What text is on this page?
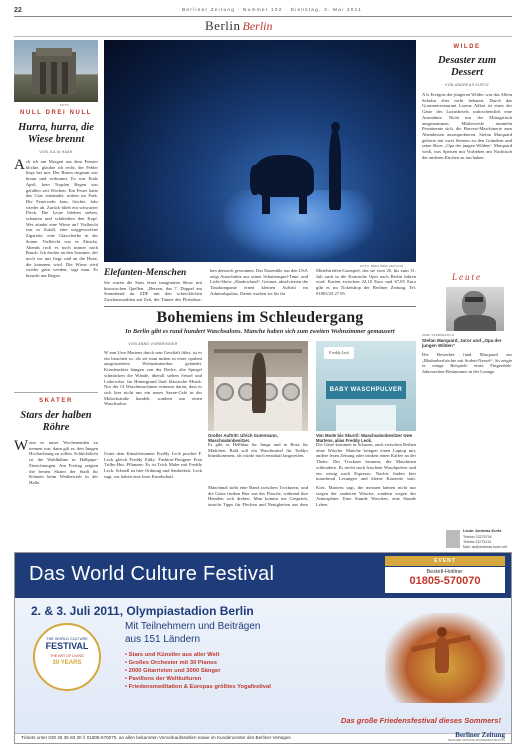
22	Berliner Zeitung · Nummer 102 · Dienstag, 3. Mai 2011
Berlin Berlin
FOTO
NULL DREI NULL
Hurra, hurra, die Wiese brennt
VON JULIA HAAK
A ch ich am Morgen aus dem Fenster blickte, glaubte ich recht, der Fehler liege bei mir. Der Rasen ringsum war braun und verbrannt. Es war Ende April, kein Tropfen Regen war gefallen seit Wochen. Ein Feuer hatte das Gras entzündet, mitten im Park. Die Feuerwehr kam, löschte, fuhr wieder ab. Zurück blieb ein schwarzer Fleck. Die Leute blieben stehen, schauten und schüttelten den Kopf. Wer zündet eine Wiese an? Vielleicht war es Zufall, eine weggeworfene Zigarette, eine Glasscherbe in der Sonne. Vielleicht war es Absicht. Abends roch es noch immer nach Rauch. Ich dachte an den Sommer, der noch vor uns liegt, und an die Hitze, die kommen wird. Die Wiese wird wieder grün werden, sagt man. Es braucht nur Regen.
SKATER
Stars der halben Röhre
W enn es unser Wochenenden zu nennen war, dann gilt es, den Jungen Hochachtung zu zollen. Schlechtlicht ist die Waldbühne in Halbpipe-Einrichtungen. Am Freitag zeigten die besten Skater der Stadt ihr Können beim Wettbewerb in der Halle.
FOTO: BERLINER ZEITUNG
Elefanten-Menschen
Sie waren die Stars einer imaginären Show mit historischen Quellen. „Herzen, das 7. Doppel am Sonnabend im ZDF mit den schrecklichen Zuschauerzahlen auf Zeit, der Tänzer des Flisbobus-
ben dennoch gewonnen. Das Ensemble aus den USA zeigt Ausschnitte aus seiner Schattenspiel-Tanz- und Licht-Show „Shadowland“. Getanzt, absolvierten die Tanzkompanie einen kleinen Auftritt im Admiralspalast. Damit warben sie für ihr
Mittelstreifen-Gastspiel, das sie vom 20. bis zum 31. Juli auch in die Komische Oper nach Berlin führen wird. Karten zwischen 22,10 Euro und 67,85 Euro gibt es im Ticketshop der Berliner Zeitung, Tel. 01805/23 27 85.
WILDE
Desaster zum Dessert
VON ANDREAS KURTZ
A ls Ereignis der jüngeren Wildec war das Allein Saludur eher nicht bekannt. Durch das Gourmetrestaurant Lorenz Adlon ist eines der Gäste des Luxushotels wahrscheinlich eine Ausnahme. Nicht nur der Mittagstisch ausgenommen. Mittlerweile tummeln Prominente sich, die Harvest-Maschinerie zum Abendessen auszuprobieren. Stefan Marquard gehörte mit zwei Sternen zu den Gründern und seine Show „Opa der jungen Wilden“. Marquard weiß, was Speisen mit Vorlieben am Nachtisch der anderen Küchen zu tun haben.
Leute
ZWEI STERNEKOCH
Stefan Marquard, Juror und „Opa der jungen Wilden“
Die Bewerber fand Marquard zur „Rhabarberfrüchte mit Sorbet-Nessel“. So zeigte er einige Beispiele eines Fingerdreh-Jahreszeiten-Restaurants in der Lounge.
Leute: Andreas Kurtz
Telefon 23275794
Telefax 23275114
Mail: ak@andreas-kurtz.net
Bohemiens im Schleudergang
In Berlin gibt es rund hundert Waschsalons. Manche haben sich zum zweiten Wohnzimmer gemausert
VON ANNE VORBRINGER
W enn Uwe Martens durch sein Geschäft führt, ist es ein bisschen so, als sei man mitten in einer opulent ausgestatteten Wohnzimmerbar gelandet. Kronleuchter hängen von der Decke, alte Spiegel schmücken die Wände, überall stehen Sessel und Ledersofas. Im Hintergrund läuft klassische Musik. Nur die 14 Waschmaschinen erinnern daran, dass es sich hier nicht um ein neues Szene-Café in der Mulackstraße handelt, sondern um einen Waschsalon.
Unter dem Künstlernamen Freddy Leck prochet F. Leck gleich Freddy Eddy: Fashion-Designer Frau Trilby-Hut. Pflanzen: Es ist Trick Maler mit Freddy Leck. Schnell ist hier Ordnung und Sauberkeit. Leck sagt, wir haben eine feste Kundschaft.
Großer Auftritt: Ulrich Gutermann, Waschsalonbesitzer.
Er gibt es Hellblau für Jungs und in Rosa für Mädchen. Bald soll ein Waschmittel für Teddys hinzukommen, als würde mich ernsthaft langweilen.
Freddy Leck
BABY WASCHPULVER
Von Mode bis Skurril: Waschsalonbesitzer Uwe Martens, alias Freddy Leck.
Die Gäste kommen in Scharen, auch zwischen Reihen ohne Wäsche. Manche bringen einen Laptop mit, andere lesen Zeitung oder trinken einen Kaffee an der Theke. Der Trockner brummt, die Maschinen schleudern. Es riecht nach frischem Waschpulver und ein wenig nach Espresso. Nachts finden hier manchmal Lesungen und kleine Konzerte statt.
Manchmal steht eine Band zwischen Trocknern, und die Gäste trinken Bier aus der Flasche, während ihre Hemden sich drehen. Man kommt ins Gespräch, tauscht Tipps für Flecken und Neuigkeiten aus dem Kiez. Martens sagt, die meisten kämen nicht nur wegen der sauberen Wäsche, sondern wegen der Atmosphäre. Eine Stunde Waschen, eine Stunde Leben.
Das World Culture Festival
EVENT
Bestell-Hotline:
01805-570070
2. & 3. Juli 2011, Olympiastadion Berlin
THE WORLD CULTURE
FESTIVAL
THE ART OF LIVING
30 YEARS
Mit Teilnehmern und Beiträgen
aus 151 Ländern
• Stars und Künstler aus aller Welt
• Großes Orchester mit 30 Pianos
• 2000 Gitarristen und 3000 Sänger
• Pavillons der Weltkulturen
• Friedensmeditation & Europas größtes Yogafestival
Das große Friedensfestival dieses Sommers!
Tickets unter 030 25 35 83 30 // 01805-570070, an allen bekannten Vorverkaufsstellen sowie im Kundencenter des Berliner Verlages.	Berliner Zeitung
BERLINER GRÖSSTE ABONNEMENTZEITUNG
